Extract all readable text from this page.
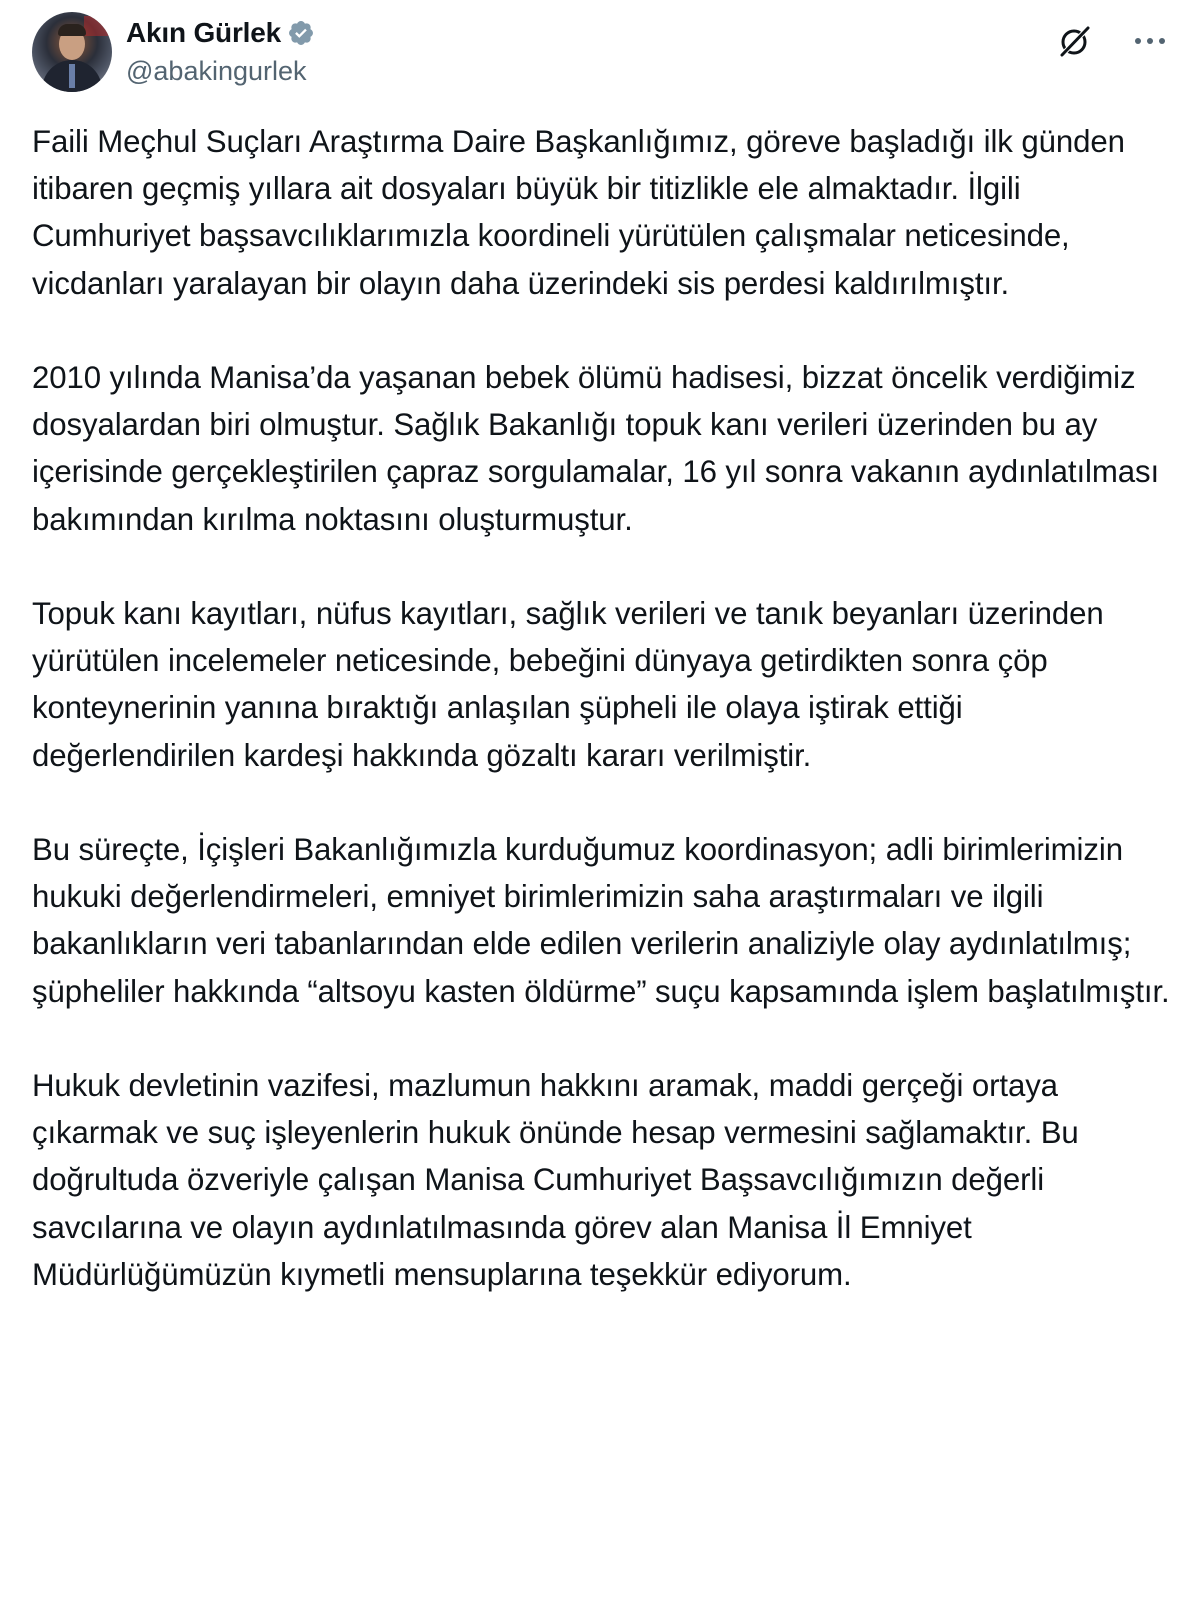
Akın Gürlek
@abakingurlek

Faili Meçhul Suçları Araştırma Daire Başkanlığımız, göreve başladığı ilk günden itibaren geçmiş yıllara ait dosyaları büyük bir titizlikle ele almaktadır. İlgili Cumhuriyet başsavcılıklarımızla koordineli yürütülen çalışmalar neticesinde, vicdanları yaralayan bir olayın daha üzerindeki sis perdesi kaldırılmıştır.

2010 yılında Manisa’da yaşanan bebek ölümü hadisesi, bizzat öncelik verdiğimiz dosyalardan biri olmuştur. Sağlık Bakanlığı topuk kanı verileri üzerinden bu ay içerisinde gerçekleştirilen çapraz sorgulamalar, 16 yıl sonra vakanın aydınlatılması bakımından kırılma noktasını oluşturmuştur.

Topuk kanı kayıtları, nüfus kayıtları, sağlık verileri ve tanık beyanları üzerinden yürütülen incelemeler neticesinde, bebeğini dünyaya getirdikten sonra çöp konteynerinin yanına bıraktığı anlaşılan şüpheli ile olaya iştirak ettiği değerlendirilen kardeşi hakkında gözaltı kararı verilmiştir.

Bu süreçte, İçişleri Bakanlığımızla kurduğumuz koordinasyon; adli birimlerimizin hukuki değerlendirmeleri, emniyet birimlerimizin saha araştırmaları ve ilgili bakanlıkların veri tabanlarından elde edilen verilerin analiziyle olay aydınlatılmış; şüpheliler hakkında “altsoyu kasten öldürme” suçu kapsamında işlem başlatılmıştır.

Hukuk devletinin vazifesi, mazlumun hakkını aramak, maddi gerçeği ortaya çıkarmak ve suç işleyenlerin hukuk önünde hesap vermesini sağlamaktır. Bu doğrultuda özveriyle çalışan Manisa Cumhuriyet Başsavcılığımızın değerli savcılarına ve olayın aydınlatılmasında görev alan Manisa İl Emniyet Müdürlüğümüzün kıymetli mensuplarına teşekkür ediyorum.
